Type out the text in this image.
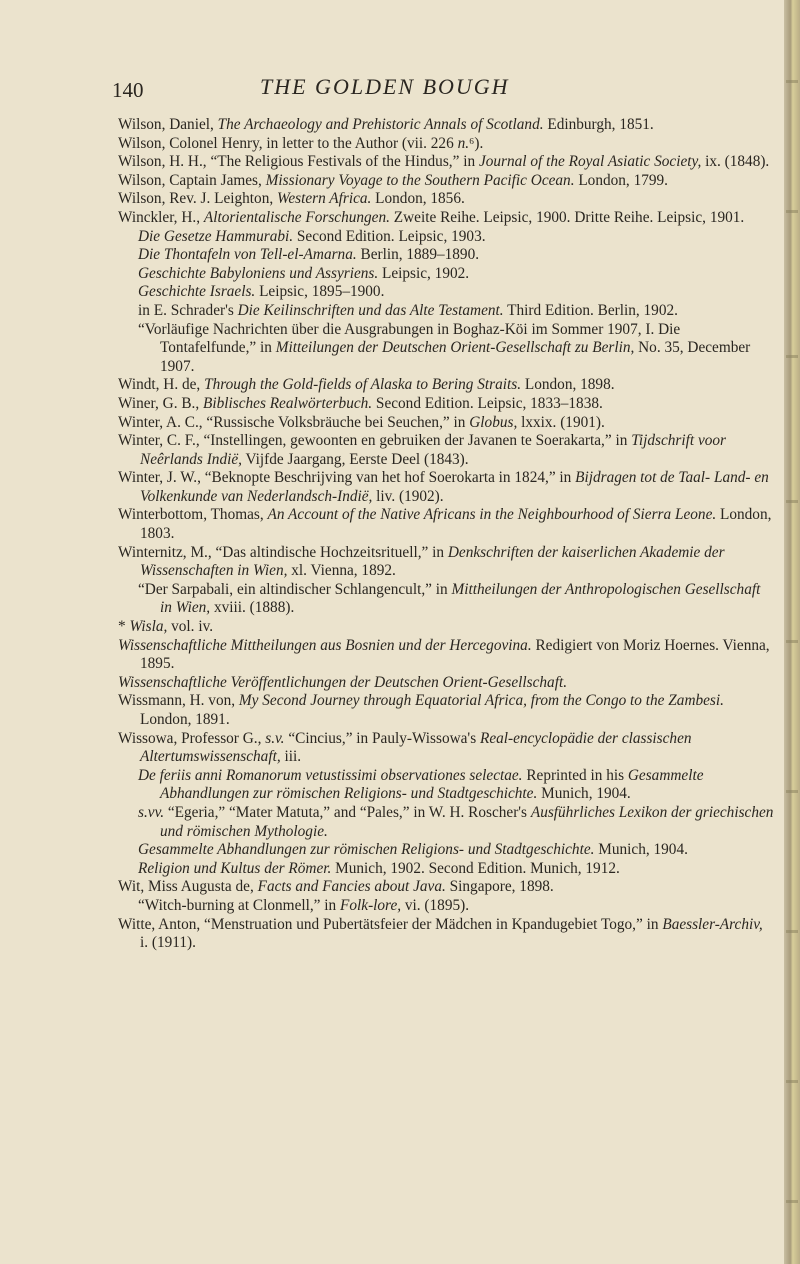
140	THE GOLDEN BOUGH

Wilson, Daniel, The Archaeology and Prehistoric Annals of Scotland. Edinburgh, 1851.

Wilson, Colonel Henry, in letter to the Author (vii. 226 n.⁶).

Wilson, H. H., “The Religious Festivals of the Hindus,” in Journal of the Royal Asiatic Society, ix. (1848).

Wilson, Captain James, Missionary Voyage to the Southern Pacific Ocean. London, 1799.

Wilson, Rev. J. Leighton, Western Africa. London, 1856.

Winckler, H., Altorientalische Forschungen. Zweite Reihe. Leipsic, 1900. Dritte Reihe. Leipsic, 1901.

Die Gesetze Hammurabi. Second Edition. Leipsic, 1903.

Die Thontafeln von Tell-el-Amarna. Berlin, 1889–1890.

Geschichte Babyloniens und Assyriens. Leipsic, 1902.

Geschichte Israels. Leipsic, 1895–1900.

in E. Schrader's Die Keilinschriften und das Alte Testament. Third Edition. Berlin, 1902.

“Vorläufige Nachrichten über die Ausgrabungen in Boghaz-Köi im Sommer 1907, I. Die Tontafelfunde,” in Mitteilungen der Deutschen Orient-Gesellschaft zu Berlin, No. 35, December 1907.

Windt, H. de, Through the Gold-fields of Alaska to Bering Straits. London, 1898.

Winer, G. B., Biblisches Realwörterbuch. Second Edition. Leipsic, 1833–1838.

Winter, A. C., “Russische Volksbräuche bei Seuchen,” in Globus, lxxix. (1901).

Winter, C. F., “Instellingen, gewoonten en gebruiken der Javanen te Soerakarta,” in Tijdschrift voor Neêrlands Indië, Vijfde Jaargang, Eerste Deel (1843).

Winter, J. W., “Beknopte Beschrijving van het hof Soerokarta in 1824,” in Bijdragen tot de Taal- Land- en Volkenkunde van Nederlandsch-Indië, liv. (1902).

Winterbottom, Thomas, An Account of the Native Africans in the Neighbourhood of Sierra Leone. London, 1803.

Winternitz, M., “Das altindische Hochzeitsrituell,” in Denkschriften der kaiserlichen Akademie der Wissenschaften in Wien, xl. Vienna, 1892.

“Der Sarpabali, ein altindischer Schlangencult,” in Mittheilungen der Anthropologischen Gesellschaft in Wien, xviii. (1888).

* Wisla, vol. iv.

Wissenschaftliche Mittheilungen aus Bosnien und der Hercegovina. Redigiert von Moriz Hoernes. Vienna, 1895.

Wissenschaftliche Veröffentlichungen der Deutschen Orient-Gesellschaft.

Wissmann, H. von, My Second Journey through Equatorial Africa, from the Congo to the Zambesi. London, 1891.

Wissowa, Professor G., s.v. “Cincius,” in Pauly-Wissowa's Real-encyclopädie der classischen Altertumswissenschaft, iii.

De feriis anni Romanorum vetustissimi observationes selectae. Reprinted in his Gesammelte Abhandlungen zur römischen Religions- und Stadtgeschichte. Munich, 1904.

s.vv. “Egeria,” “Mater Matuta,” and “Pales,” in W. H. Roscher's Ausführliches Lexikon der griechischen und römischen Mythologie.

Gesammelte Abhandlungen zur römischen Religions- und Stadtgeschichte. Munich, 1904.

Religion und Kultus der Römer. Munich, 1902. Second Edition. Munich, 1912.

Wit, Miss Augusta de, Facts and Fancies about Java. Singapore, 1898.

“Witch-burning at Clonmell,” in Folk-lore, vi. (1895).

Witte, Anton, “Menstruation und Pubertätsfeier der Mädchen in Kpandugebiet Togo,” in Baessler-Archiv, i. (1911).
